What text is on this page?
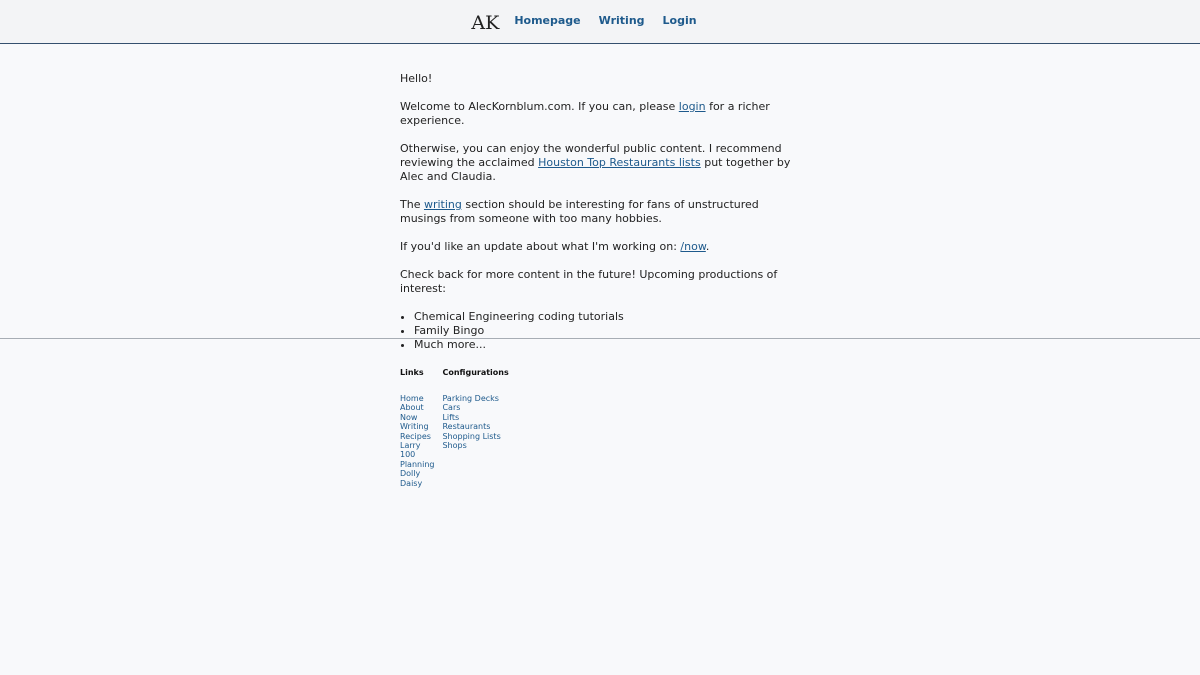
AK Homepage Writing Login

Hello!

Welcome to AlecKornblum.com. If you can, please login for a richer experience.

Otherwise, you can enjoy the wonderful public content. I recommend reviewing the acclaimed Houston Top Restaurants lists put together by Alec and Claudia.

The writing section should be interesting for fans of unstructured musings from someone with too many hobbies.

If you'd like an update about what I'm working on: /now.

Check back for more content in the future! Upcoming productions of interest:

• Chemical Engineering coding tutorials
• Family Bingo
• Much more...
Links
Home
About
Now
Writing
Recipes
Larry
100
Planning
Dolly
Daisy
Configurations
Parking Decks
Cars
Lifts
Restaurants
Shopping Lists
Shops
